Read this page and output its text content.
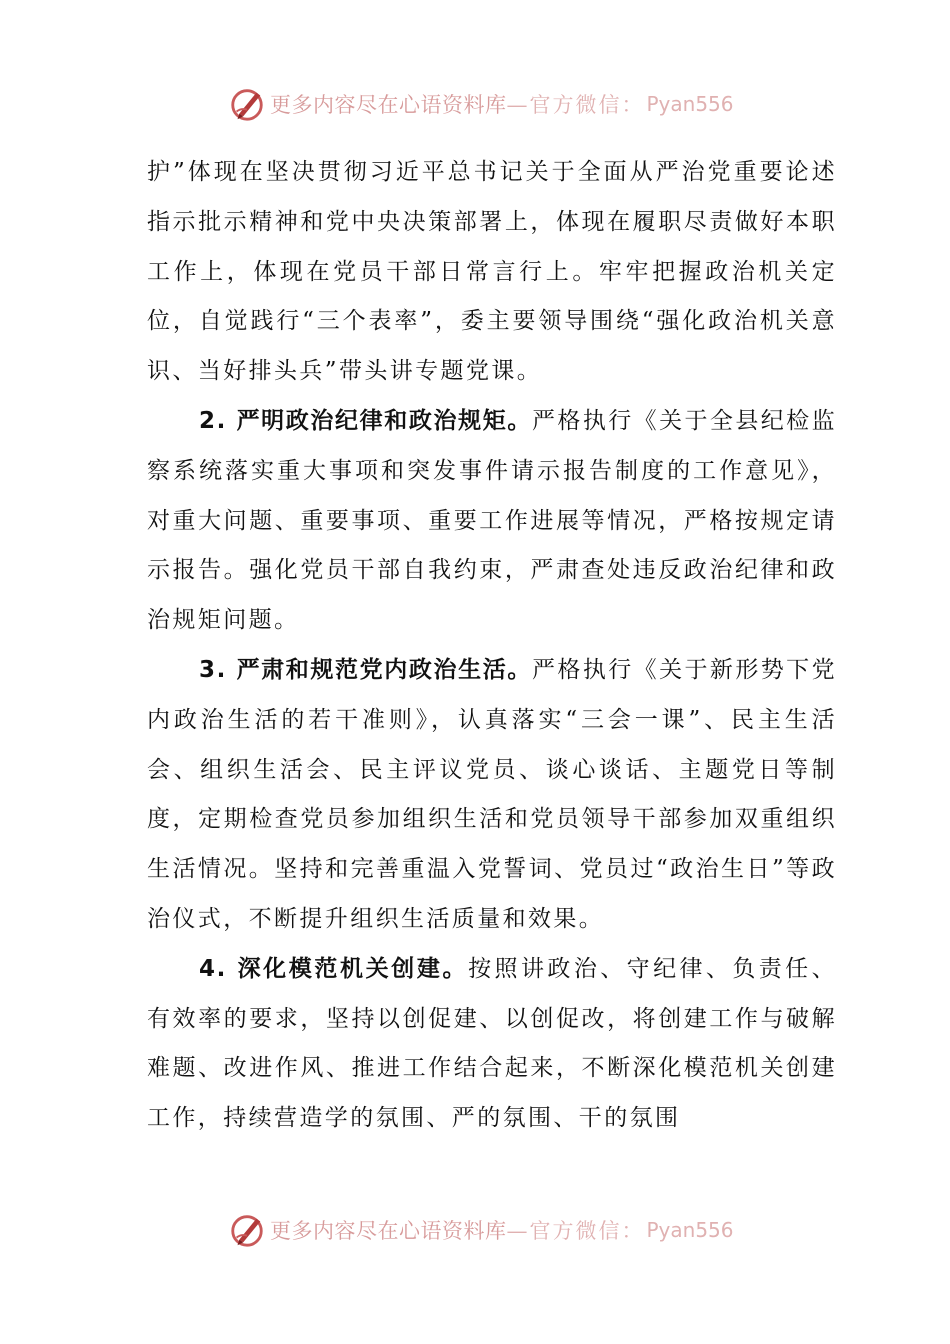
更多内容尽在心语资料库 —官方微信： Pyan556

护”体现在坚决贯彻习近平总书记关于全面从严治党重要论述指示批示精神和党中央决策部署上，体现在履职尽责做好本职工作上，体现在党员干部日常言行上。牢牢把握政治机关定位，自觉践行“三个表率”，委主要领导围绕“强化政治机关意识、当好排头兵”带头讲专题党课。

2. 严明政治纪律和政治规矩。严格执行《关于全县纪检监察系统落实重大事项和突发事件请示报告制度的工作意见》，对重大问题、重要事项、重要工作进展等情况，严格按规定请示报告。强化党员干部自我约束，严肃查处违反政治纪律和政治规矩问题。

3. 严肃和规范党内政治生活。严格执行《关于新形势下党内政治生活的若干准则》，认真落实“三会一课”、民主生活会、组织生活会、民主评议党员、谈心谈话、主题党日等制度，定期检查党员参加组织生活和党员领导干部参加双重组织生活情况。坚持和完善重温入党誓词、党员过“政治生日”等政治仪式，不断提升组织生活质量和效果。

4. 深化模范机关创建。按照讲政治、守纪律、负责任、有效率的要求，坚持以创促建、以创促改，将创建工作与破解难题、改进作风、推进工作结合起来，不断深化模范机关创建工作，持续营造学的氛围、严的氛围、干的氛围

更多内容尽在心语资料库 —官方微信： Pyan556
